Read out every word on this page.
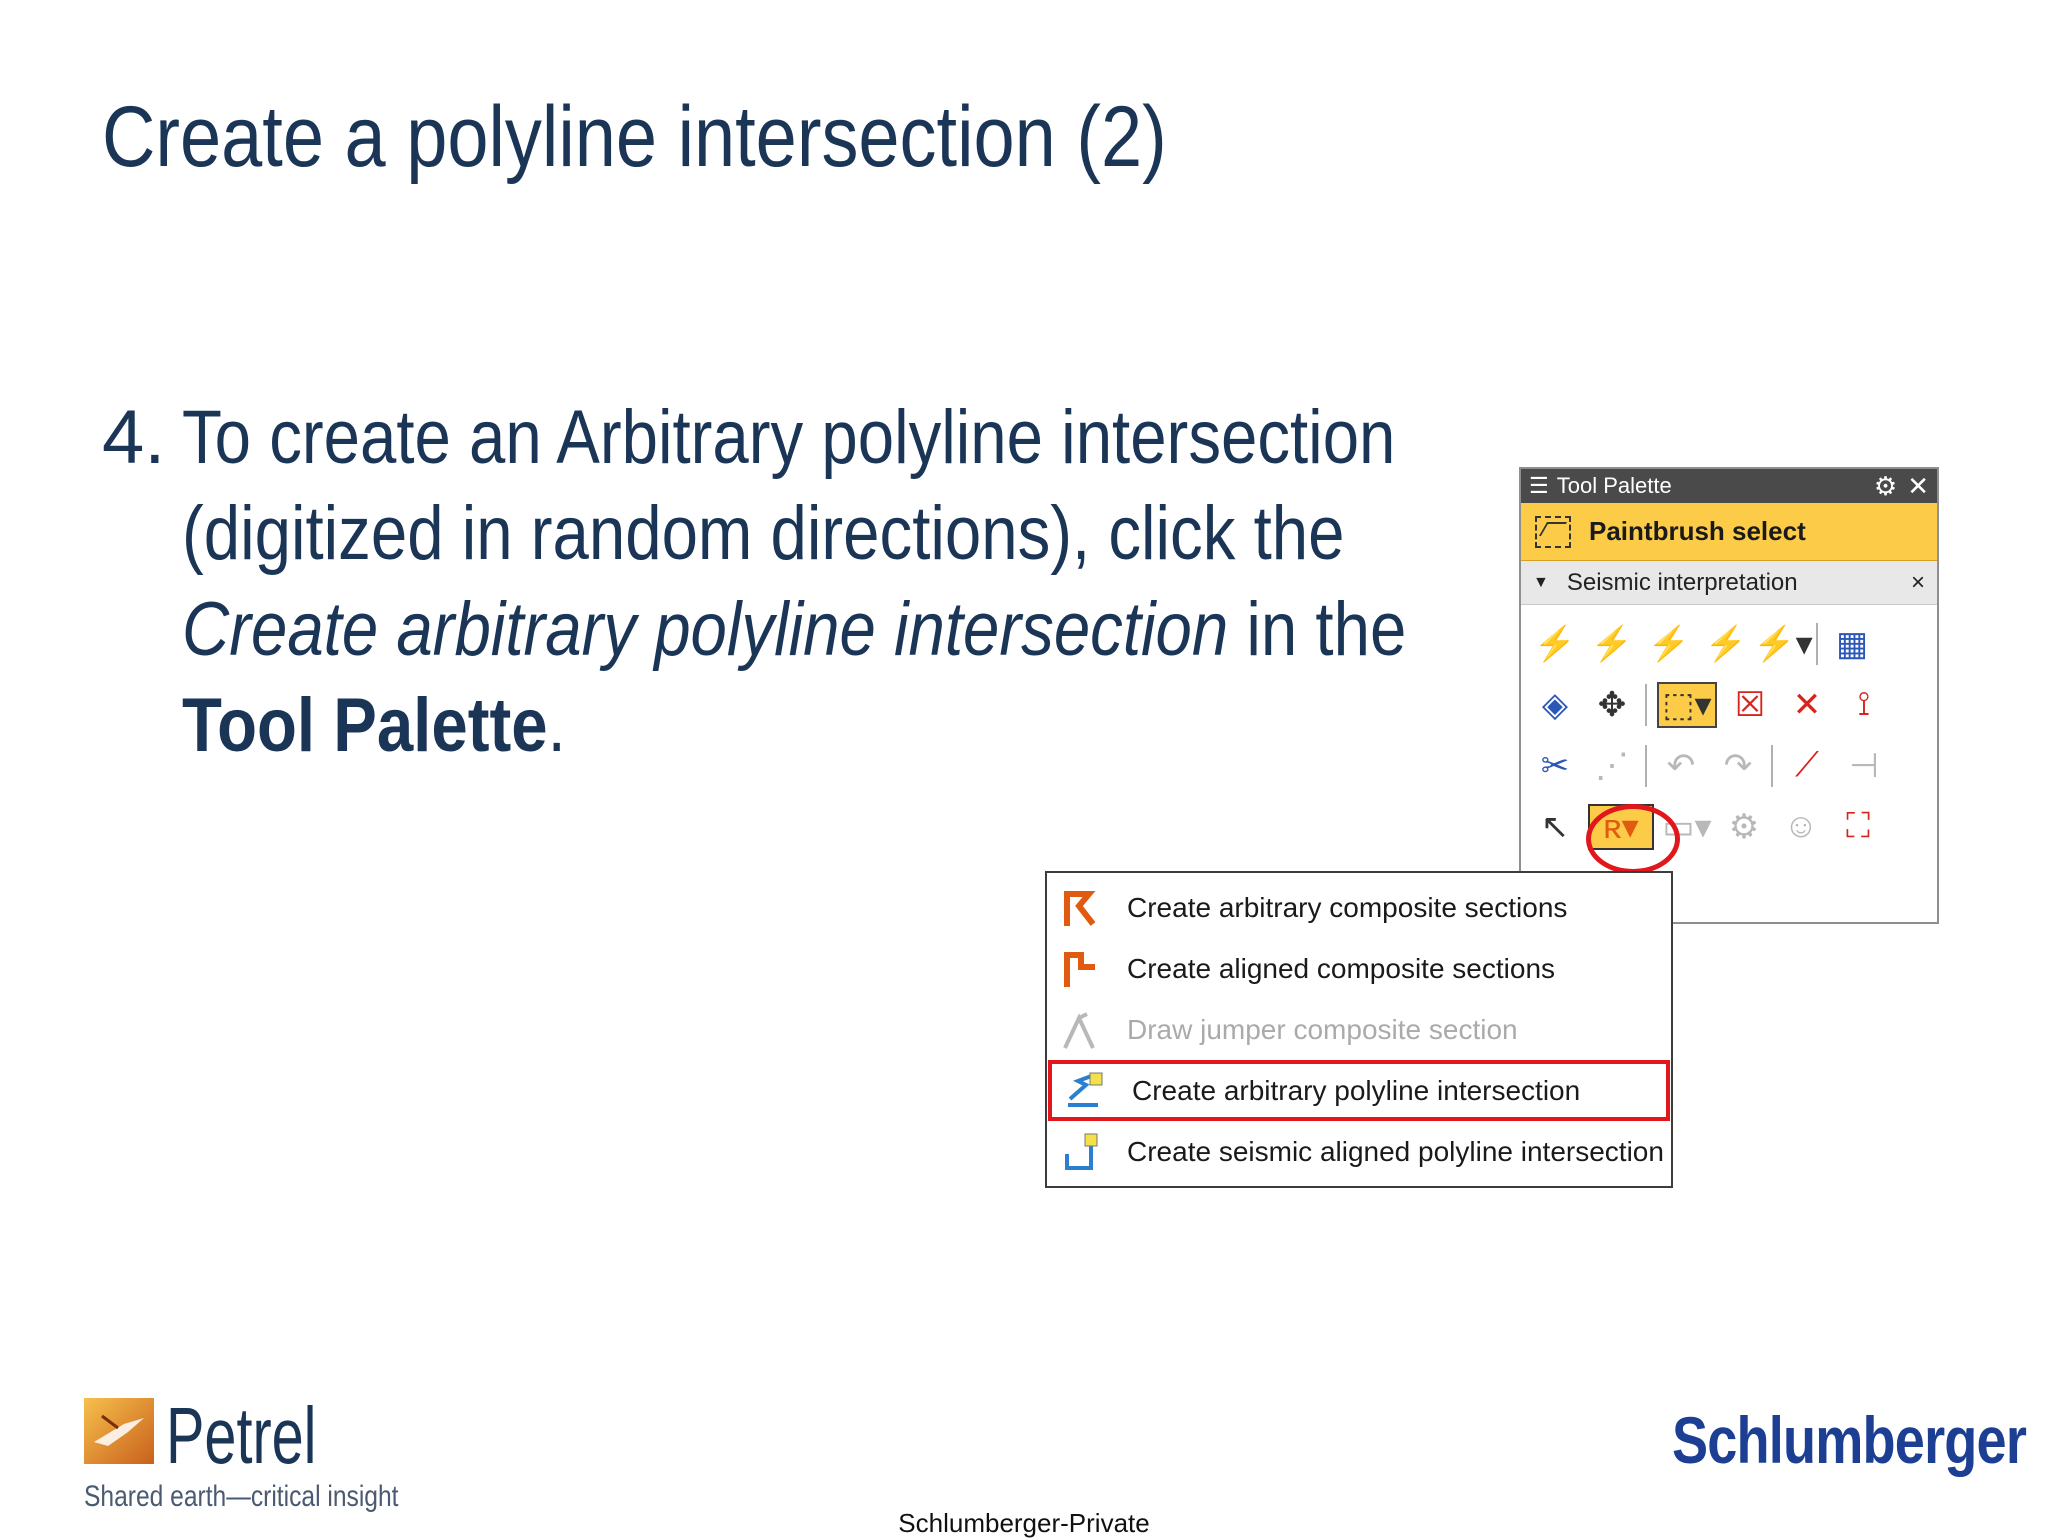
Create a polyline intersection (2)
4. To create an Arbitrary polyline intersection
(digitized in random directions), click the
Create arbitrary polyline intersection in the
Tool Palette.
☰ Tool Palette	⚙ ✕
Paintbrush select
▼ Seismic interpretation	×
⚡ ⚡ ⚡ ⚡ ⚡▾ ▦
◈ ✥ ⬚▾ ☒ ✕	⟟
✂ ⋰ ↶ ↷	⟋ ⊣
↖	ʀ▾ ▭▾ ⚙ ☺ ⛶
Create arbitrary composite sections
Create aligned composite sections
Draw jumper composite section
Create arbitrary polyline intersection
Create seismic aligned polyline intersection
Petrel
Shared earth—critical insight
Schlumberger
Schlumberger-Private
